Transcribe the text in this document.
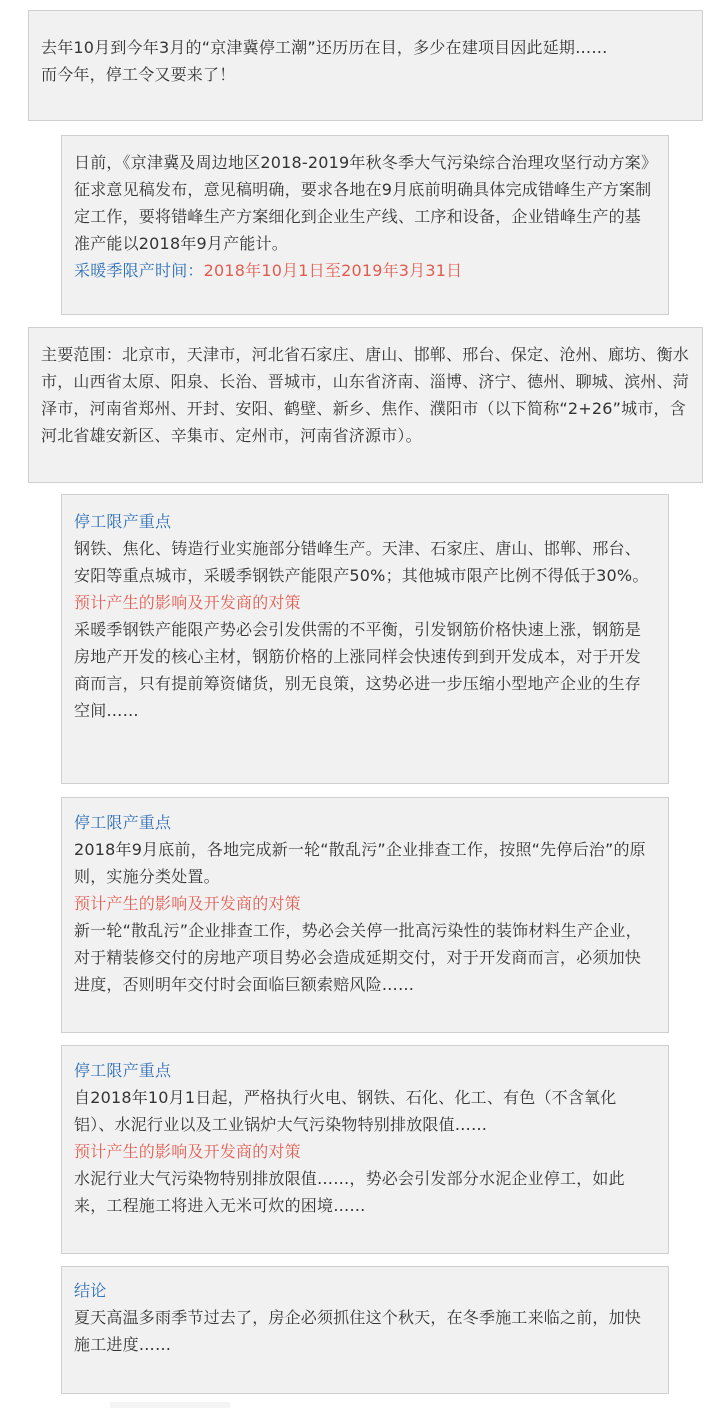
去年10月到今年3月的“京津冀停工潮”还历历在目，多少在建项目因此延期……

而今年，停工令又要来了！

日前，《京津冀及周边地区2018-2019年秋冬季大气污染综合治理攻坚行动方案》征求意见稿发布，意见稿明确，要求各地在9月底前明确具体完成错峰生产方案制定工作，要将错峰生产方案细化到企业生产线、工序和设备，企业错峰生产的基准产能以2018年9月产能计。

采暖季限产时间：2018年10月1日至2019年3月31日

主要范围：北京市，天津市，河北省石家庄、唐山、邯郸、邢台、保定、沧州、廊坊、衡水市，山西省太原、阳泉、长治、晋城市，山东省济南、淄博、济宁、德州、聊城、滨州、菏泽市，河南省郑州、开封、安阳、鹤壁、新乡、焦作、濮阳市（以下简称“2+26”城市，含河北省雄安新区、辛集市、定州市，河南省济源市）。

停工限产重点

钢铁、焦化、铸造行业实施部分错峰生产。天津、石家庄、唐山、邯郸、邢台、安阳等重点城市，采暖季钢铁产能限产50%；其他城市限产比例不得低于30%。

预计产生的影响及开发商的对策

采暖季钢铁产能限产势必会引发供需的不平衡，引发钢筋价格快速上涨，钢筋是房地产开发的核心主材，钢筋价格的上涨同样会快速传到到开发成本，对于开发商而言，只有提前筹资储货，别无良策，这势必进一步压缩小型地产企业的生存空间……

停工限产重点

2018年9月底前，各地完成新一轮“散乱污”企业排查工作，按照“先停后治”的原则，实施分类处置。

预计产生的影响及开发商的对策

新一轮“散乱污”企业排查工作，势必会关停一批高污染性的装饰材料生产企业，对于精装修交付的房地产项目势必会造成延期交付，对于开发商而言，必须加快进度，否则明年交付时会面临巨额索赔风险……

停工限产重点

自2018年10月1日起，严格执行火电、钢铁、石化、化工、有色（不含氧化铝）、水泥行业以及工业锅炉大气污染物特别排放限值……

预计产生的影响及开发商的对策

水泥行业大气污染物特别排放限值……，势必会引发部分水泥企业停工，如此来，工程施工将进入无米可炊的困境……

结论

夏天高温多雨季节过去了，房企必须抓住这个秋天，在冬季施工来临之前，加快施工进度……
